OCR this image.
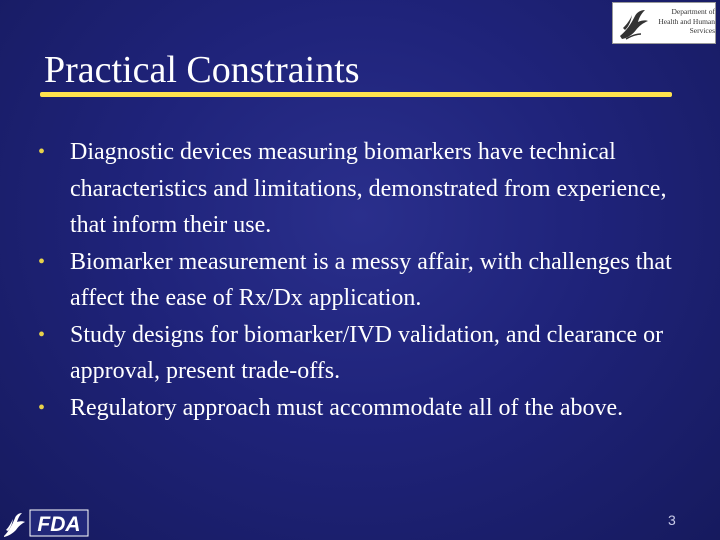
Department of
Health and Human
Services
Practical Constraints
• Diagnostic devices measuring biomarkers have technical characteristics and limitations, demonstrated from experience, that inform their use.
• Biomarker measurement is a messy affair, with challenges that affect the ease of Rx/Dx application.
• Study designs for biomarker/IVD validation, and clearance or approval, present trade-offs.
• Regulatory approach must accommodate all of the above.
FDA	3
